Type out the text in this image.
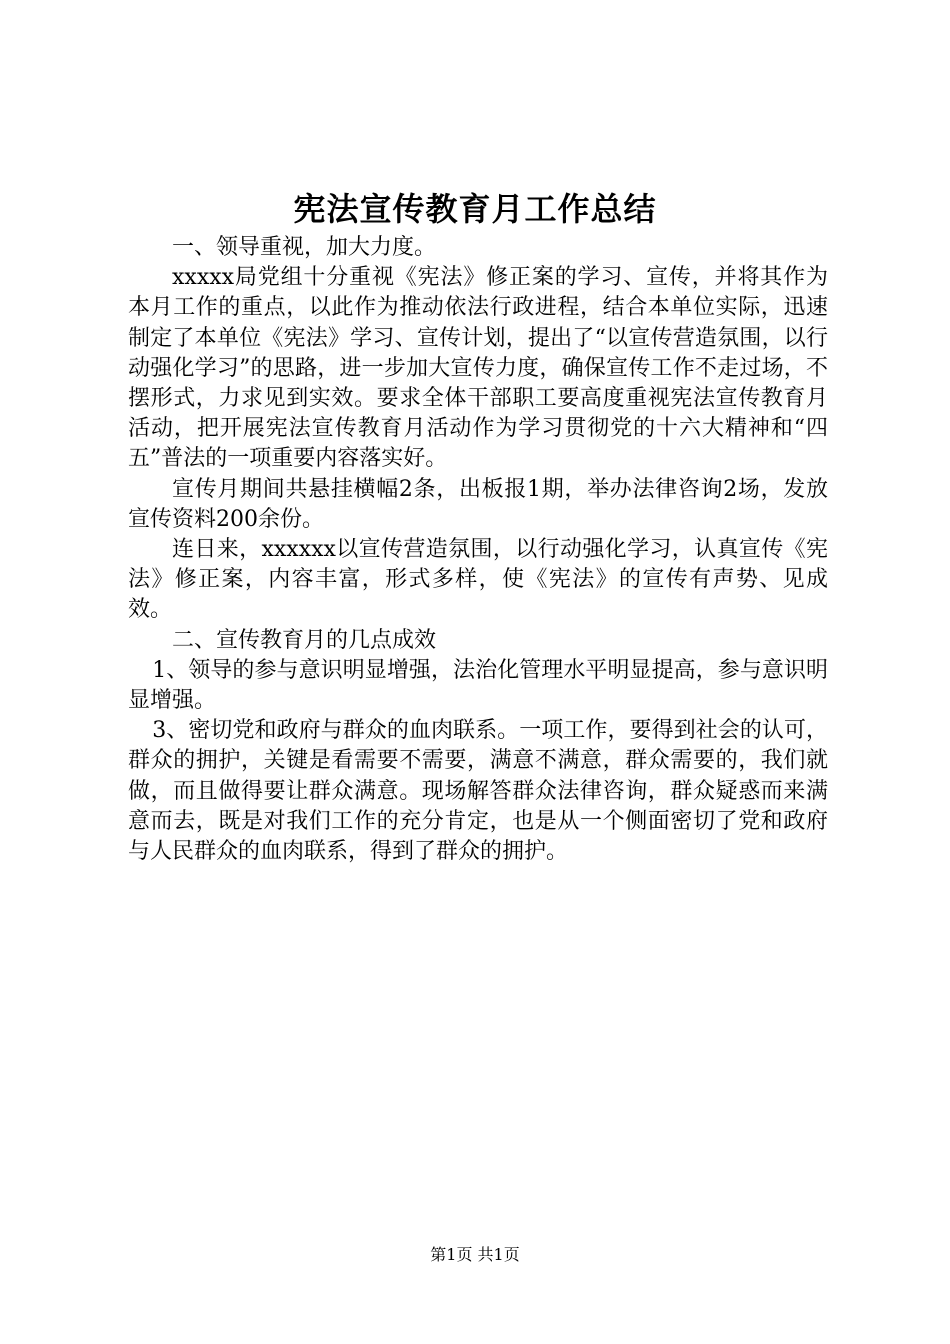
宪法宣传教育月工作总结

一、领导重视，加大力度。

xxxxx局党组十分重视《宪法》修正案的学习、宣传，并将其作为本月工作的重点，以此作为推动依法行政进程，结合本单位实际，迅速制定了本单位《宪法》学习、宣传计划，提出了“以宣传营造氛围，以行动强化学习”的思路，进一步加大宣传力度，确保宣传工作不走过场，不摆形式，力求见到实效。要求全体干部职工要高度重视宪法宣传教育月活动，把开展宪法宣传教育月活动作为学习贯彻党的十六大精神和“四五”普法的一项重要内容落实好。

宣传月期间共悬挂横幅2条，出板报1期，举办法律咨询2场，发放宣传资料200余份。

连日来，xxxxxx以宣传营造氛围，以行动强化学习，认真宣传《宪法》修正案，内容丰富，形式多样，使《宪法》的宣传有声势、见成效。

二、宣传教育月的几点成效

1、领导的参与意识明显增强，法治化管理水平明显提高，参与意识明显增强。

3、密切党和政府与群众的血肉联系。一项工作，要得到社会的认可，群众的拥护，关键是看需要不需要，满意不满意，群众需要的，我们就做，而且做得要让群众满意。现场解答群众法律咨询，群众疑惑而来满意而去，既是对我们工作的充分肯定，也是从一个侧面密切了党和政府与人民群众的血肉联系，得到了群众的拥护。

第1页 共1页
